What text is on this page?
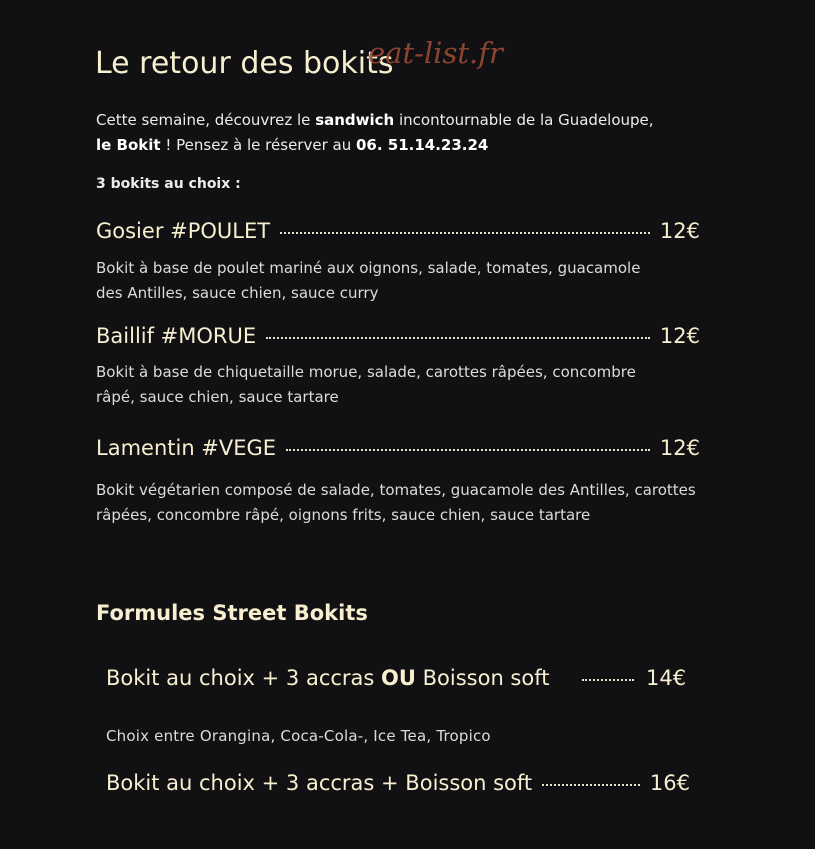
Le retour des bokits
eat-list.fr

Cette semaine, découvrez le sandwich incontournable de la Guadeloupe,
le Bokit ! Pensez à le réserver au 06. 51.14.23.24

3 bokits au choix :
Gosier #POULET	12€
Bokit à base de poulet mariné aux oignons, salade, tomates, guacamole des Antilles, sauce chien, sauce curry
Baillif #MORUE	12€
Bokit à base de chiquetaille morue, salade, carottes râpées, concombre râpé, sauce chien, sauce tartare
Lamentin #VEGE	12€
Bokit végétarien composé de salade, tomates, guacamole des Antilles, carottes râpées, concombre râpé, oignons frits, sauce chien, sauce tartare
Formules Street Bokits
Bokit au choix + 3 accras OU Boisson soft	14€
Choix entre Orangina, Coca-Cola-, Ice Tea, Tropico
Bokit au choix + 3 accras + Boisson soft	16€
